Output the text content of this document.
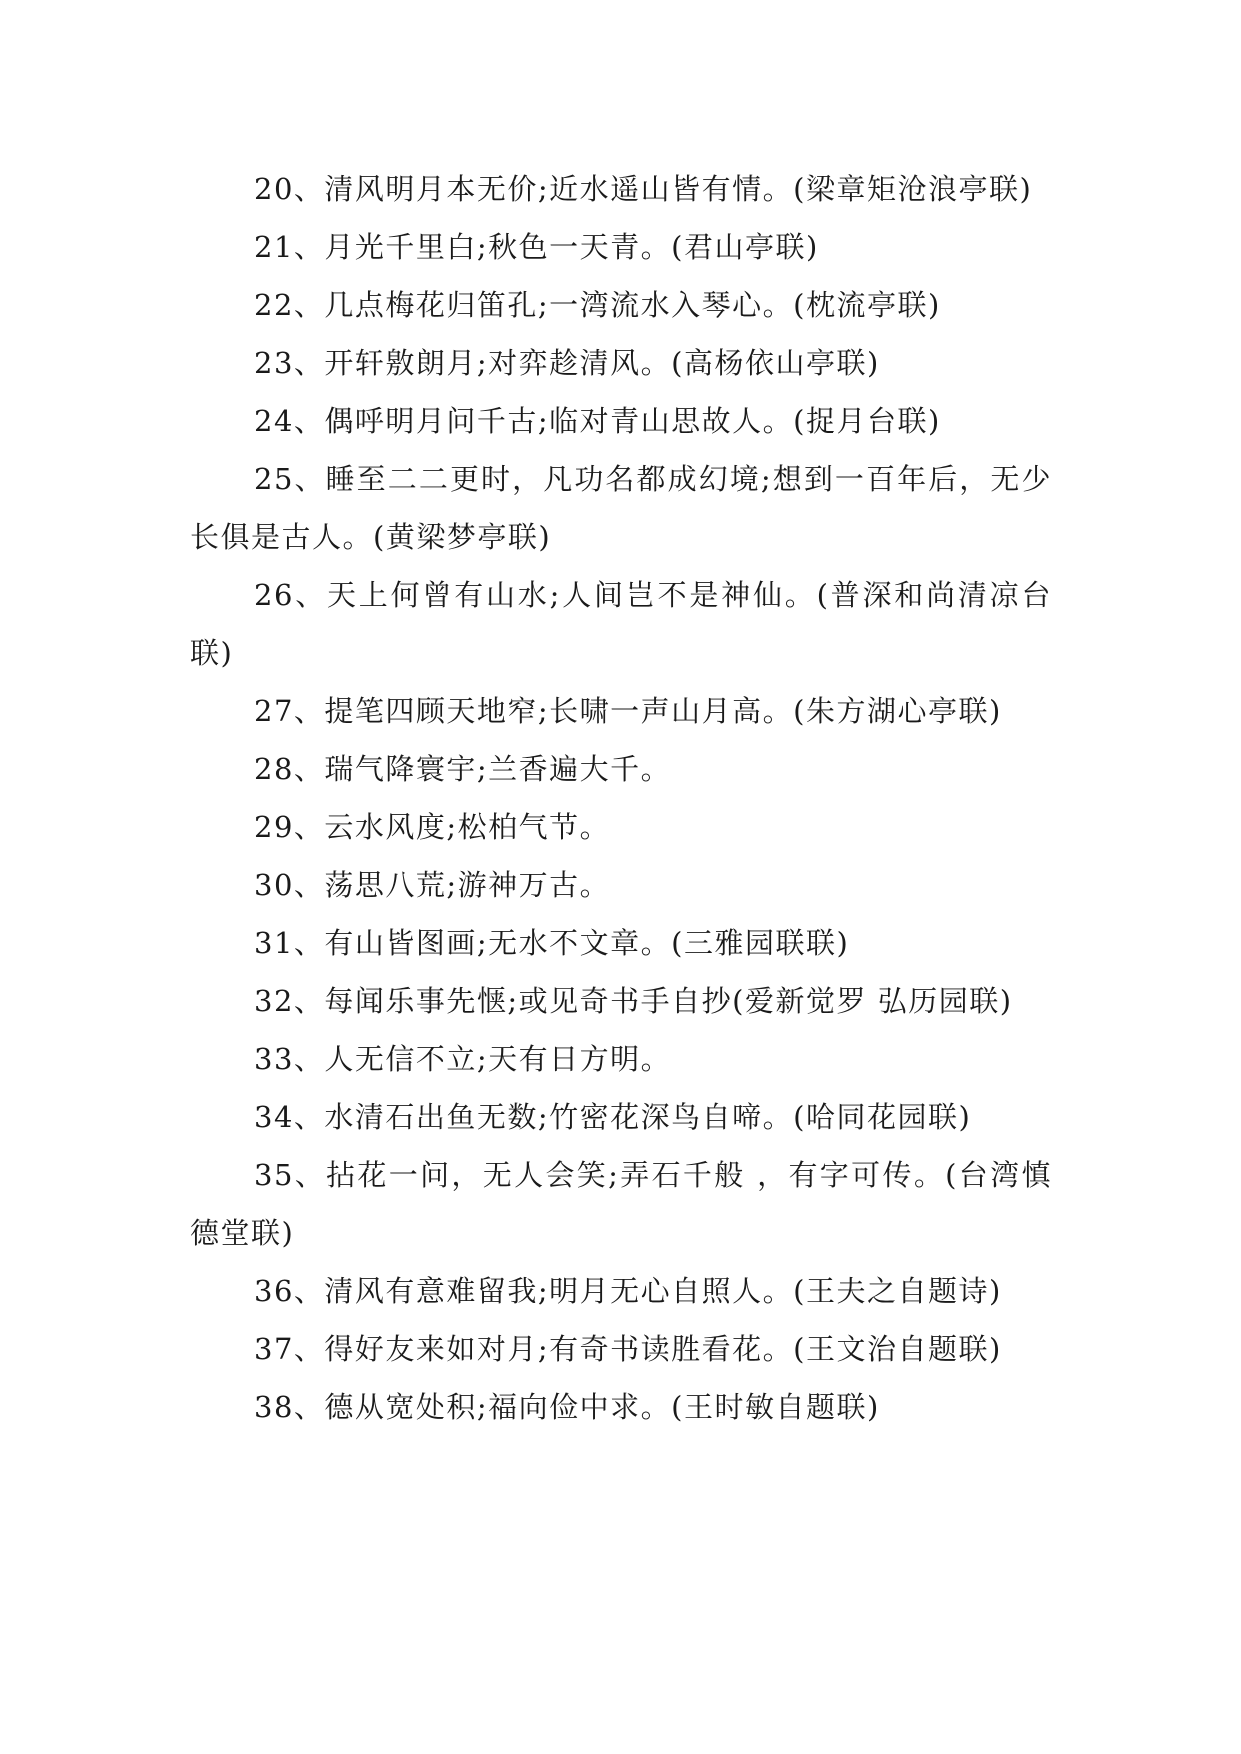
20、清风明月本无价;近水遥山皆有情。(梁章矩沧浪亭联)

21、月光千里白;秋色一天青。(君山亭联)

22、几点梅花归笛孔;一湾流水入琴心。(枕流亭联)

23、开轩敫朗月;对弈趁清风。(高杨依山亭联)

24、偶呼明月问千古;临对青山思故人。(捉月台联)

25、睡至二二更时，凡功名都成幻境;想到一百年后，无少长俱是古人。(黄梁梦亭联)

26、天上何曾有山水;人间岂不是神仙。(普深和尚清凉台联)

27、提笔四顾天地窄;长啸一声山月高。(朱方湖心亭联)

28、瑞气降寰宇;兰香遍大千。

29、云水风度;松柏气节。

30、荡思八荒;游神万古。

31、有山皆图画;无水不文章。(三雅园联联)

32、每闻乐事先惬;或见奇书手自抄(爱新觉罗 弘历园联)

33、人无信不立;天有日方明。

34、水清石出鱼无数;竹密花深鸟自啼。(哈同花园联)

35、拈花一问，无人会笑;弄石千般 ，有字可传。(台湾慎德堂联)

36、清风有意难留我;明月无心自照人。(王夫之自题诗)

37、得好友来如对月;有奇书读胜看花。(王文治自题联)

38、德从宽处积;福向俭中求。(王时敏自题联)
